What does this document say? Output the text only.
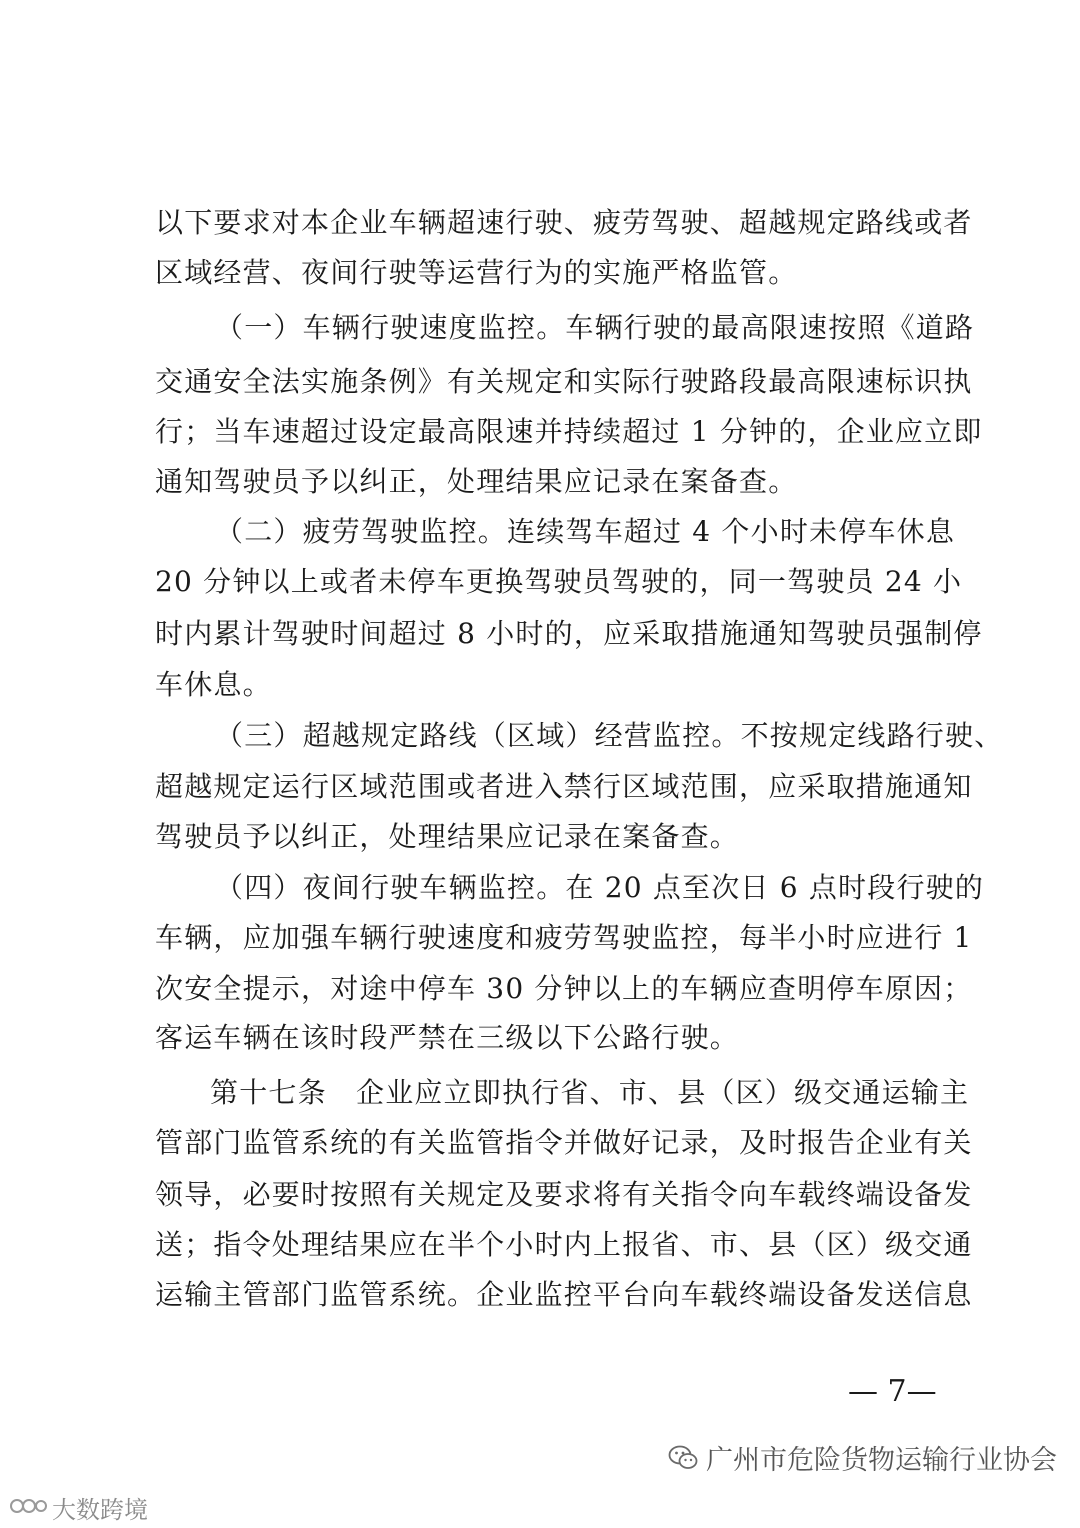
以下要求对本企业车辆超速行驶、疲劳驾驶、超越规定路线或者
区域经营、夜间行驶等运营行为的实施严格监管。
（一）车辆行驶速度监控。车辆行驶的最高限速按照《道路
交通安全法实施条例》有关规定和实际行驶路段最高限速标识执
行；当车速超过设定最高限速并持续超过 1 分钟的，企业应立即
通知驾驶员予以纠正，处理结果应记录在案备查。
（二）疲劳驾驶监控。连续驾车超过 4 个小时未停车休息
20 分钟以上或者未停车更换驾驶员驾驶的，同一驾驶员 24 小
时内累计驾驶时间超过 8 小时的，应采取措施通知驾驶员强制停
车休息。
（三）超越规定路线（区域）经营监控。不按规定线路行驶、
超越规定运行区域范围或者进入禁行区域范围，应采取措施通知
驾驶员予以纠正，处理结果应记录在案备查。
（四）夜间行驶车辆监控。在 20 点至次日 6 点时段行驶的
车辆，应加强车辆行驶速度和疲劳驾驶监控，每半小时应进行 1
次安全提示，对途中停车 30 分钟以上的车辆应查明停车原因；
客运车辆在该时段严禁在三级以下公路行驶。
第十七条　企业应立即执行省、市、县（区）级交通运输主
管部门监管系统的有关监管指令并做好记录，及时报告企业有关
领导，必要时按照有关规定及要求将有关指令向车载终端设备发
送；指令处理结果应在半个小时内上报省、市、县（区）级交通
运输主管部门监管系统。企业监控平台向车载终端设备发送信息
— 7—
广州市危险货物运输行业协会
大数跨境
